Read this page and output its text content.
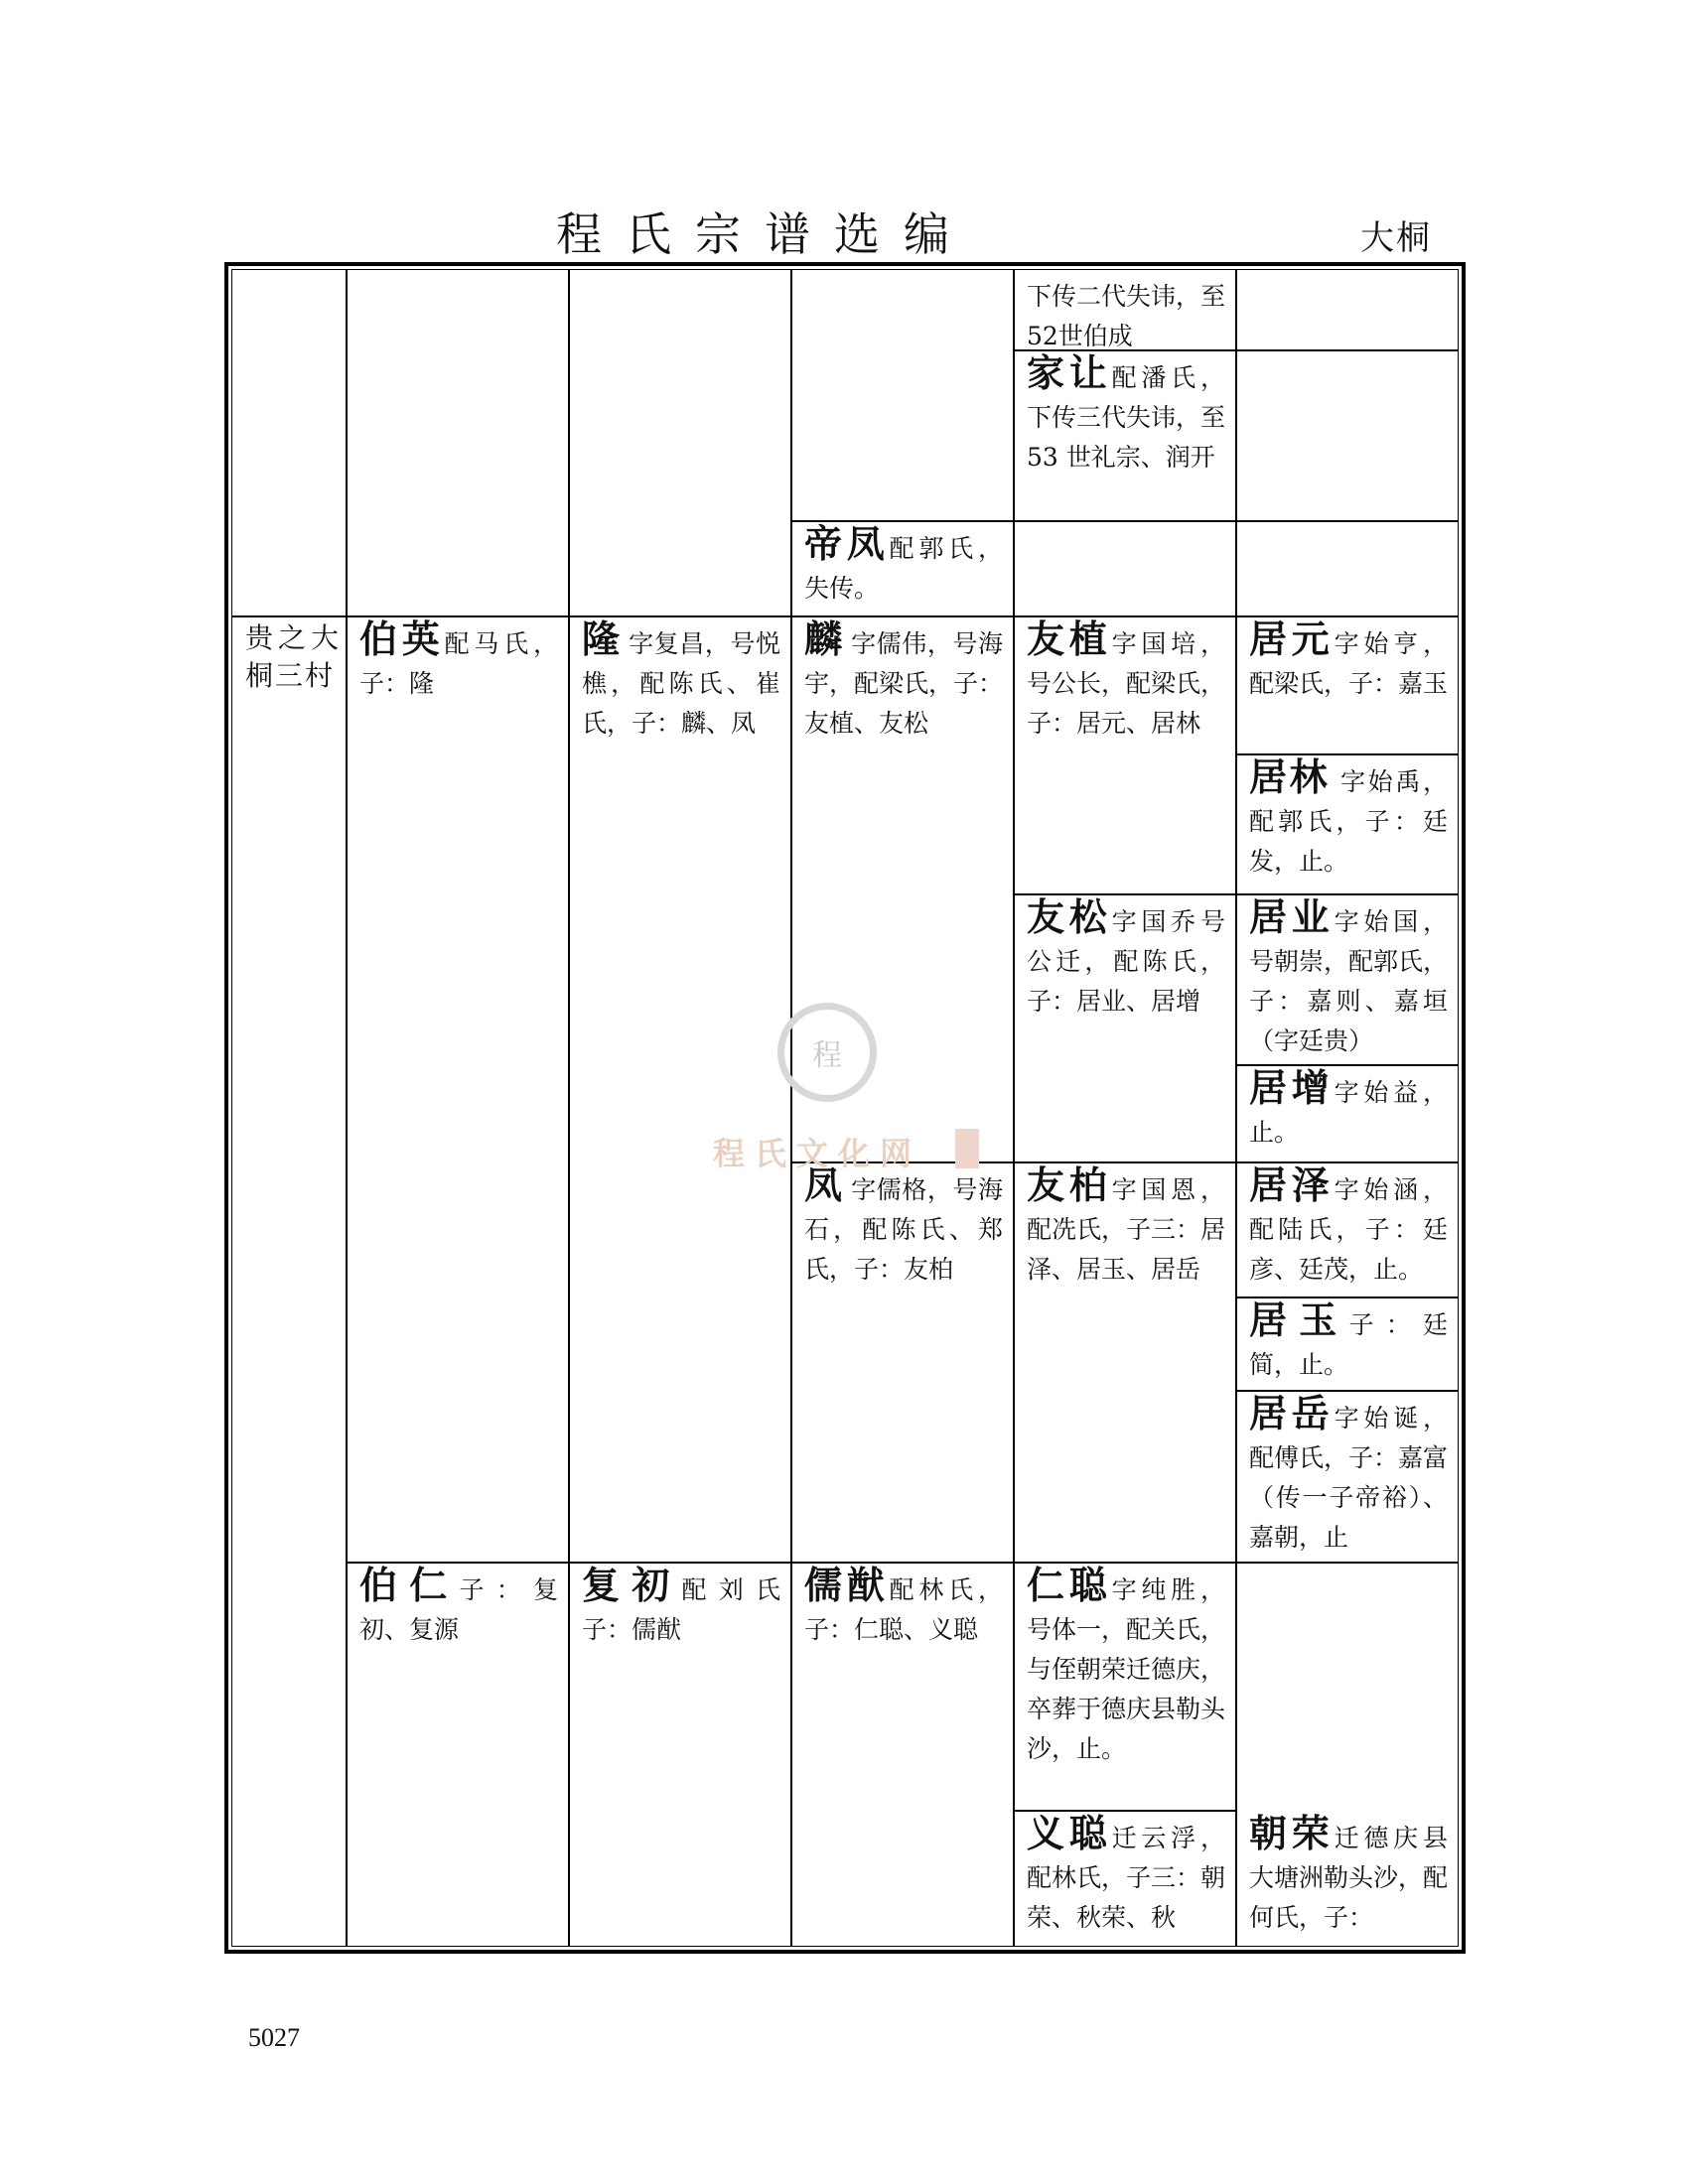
程氏宗谱选编	大桐
程
程氏文化网
下传二代失讳，至52世伯成
家让配潘氏，下传三代失讳，至 53 世礼宗、润开
帝凤配郭氏，失传。
贵之大桐三村
伯英配马氏，子：隆
隆 字复昌，号悦樵，配陈氏、崔氏，子：麟、凤
麟 字儒伟，号海宇，配梁氏，子：友植、友松
友植字国培，号公长，配梁氏，子：居元、居林
居元字始亨，配梁氏，子：嘉玉
居林 字始禹，配郭氏，子：廷发，止。
友松字国乔号公迁，配陈氏，子：居业、居增
居业字始国，号朝崇，配郭氏，子：嘉则、嘉垣（字廷贵）
居增字始益，止。
凤 字儒格，号海石，配陈氏、郑氏，子：友柏
友柏字国恩，配冼氏，子三：居泽、居玉、居岳
居泽字始涵，配陆氏，子：廷彦、廷茂，止。
居玉子：廷简，止。
居岳字始诞，配傅氏，子：嘉富（传一子帝裕）、嘉朝，止
伯仁子：复初、复源
复初配刘氏子：儒猷
儒猷配林氏，子：仁聪、义聪
仁聪字纯胜，号体一，配关氏，与侄朝荣迁德庆，卒葬于德庆县勒头沙，止。
义聪迁云浮，配林氏，子三：朝荣、秋荣、秋
朝荣迁德庆县大塘洲勒头沙，配何氏，子：
5027
